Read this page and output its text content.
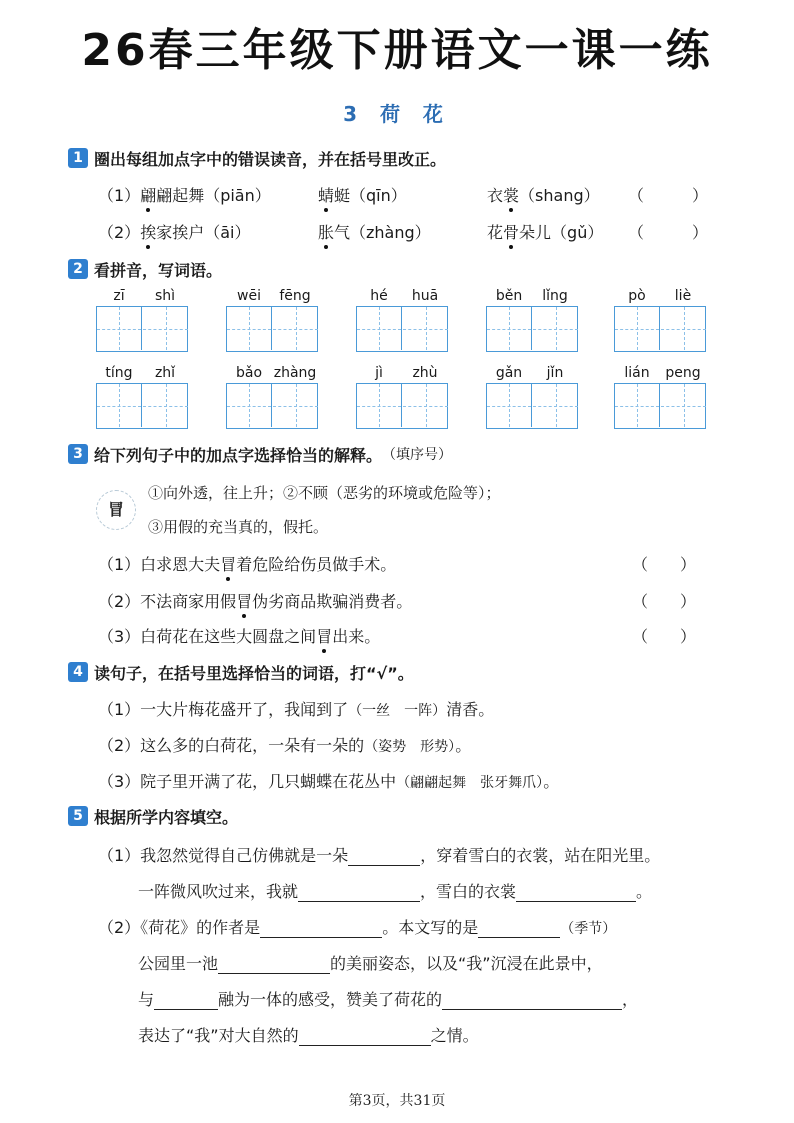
26春三年级下册语文一课一练
3 荷 花
1 圈出每组加点字中的错误读音，并在括号里改正。
（1）翩翩起舞（piān）	蜻蜓（qīn）	衣裳（shang） （　　　）
（2）挨家挨户（āi）	胀气（zhàng）	花骨朵儿（gǔ） （　　　）
2 看拼音，写词语。
zī	shì	wēi	fēng	hé	huā	běn	lǐng	pò	liè
tíng	zhǐ	bǎo zhàng	jì	zhù	gǎn	jǐn	lián	peng
3 给下列句子中的加点字选择恰当的解释。 （填序号）
冒
①向外透，往上升；②不顾（恶劣的环境或危险等）；
③用假的充当真的，假托。
（1）白求恩大夫冒着危险给伤员做手术。	（　　）
（2）不法商家用假冒伪劣商品欺骗消费者。	（　　）
（3）白荷花在这些大圆盘之间冒出来。	（　　）
4 读句子，在括号里选择恰当的词语，打“√”。
（1）一大片梅花盛开了，我闻到了（一丝　一阵）清香。
（2）这么多的白荷花，一朵有一朵的（姿势　形势）。
（3）院子里开满了花，几只蝴蝶在花丛中（翩翩起舞　张牙舞爪）。
5 根据所学内容填空。
（1）我忽然觉得自己仿佛就是一朵	，穿着雪白的衣裳，站在阳光里。
一阵微风吹过来，我就	，雪白的衣裳	。
（2）《荷花》的作者是	。本文写的是	（季节）
公园里一池	的美丽姿态，以及“我”沉浸在此景中，
与	融为一体的感受，赞美了荷花的	，
表达了“我”对大自然的	之情。
第3页，共31页
